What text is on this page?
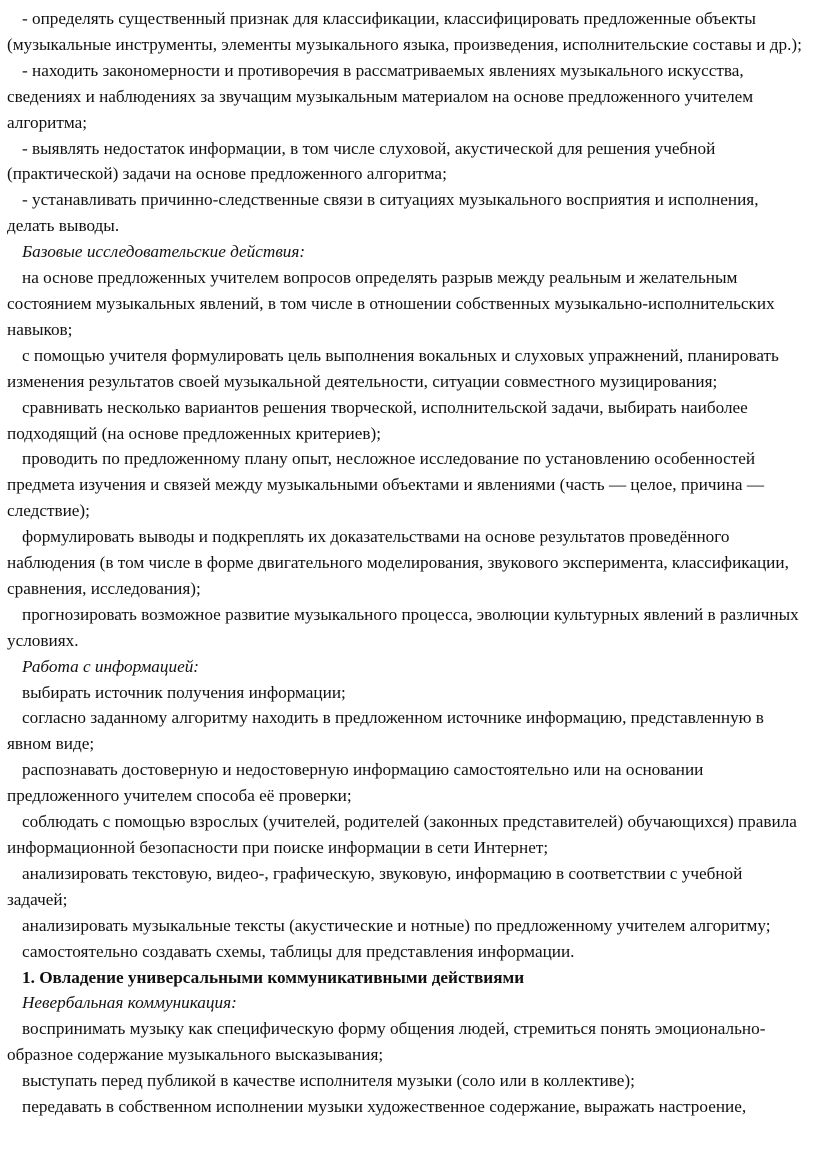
- определять существенный признак для классификации, классифицировать предложенные объекты (музыкальные инструменты, элементы музыкального языка, произведения, исполнительские составы и др.);

- находить закономерности и противоречия в рассматриваемых явлениях музыкального искусства, сведениях и наблюдениях за звучащим музыкальным материалом на основе предложенного учителем алгоритма;

- выявлять недостаток информации, в том числе слуховой, акустической для решения учебной (практической) задачи на основе предложенного алгоритма;

- устанавливать причинно-следственные связи в ситуациях музыкального восприятия и исполнения, делать выводы.

Базовые исследовательские действия:

на основе предложенных учителем вопросов определять разрыв между реальным и желательным состоянием музыкальных явлений, в том числе в отношении собственных музыкально-исполнительских навыков;

с помощью учителя формулировать цель выполнения вокальных и слуховых упражнений, планировать изменения результатов своей музыкальной деятельности, ситуации совместного музицирования;

сравнивать несколько вариантов решения творческой, исполнительской задачи, выбирать наиболее подходящий (на основе предложенных критериев);

проводить по предложенному плану опыт, несложное исследование по установлению особенностей предмета изучения и связей между музыкальными объектами и явлениями (часть — целое, причина — следствие);

формулировать выводы и подкреплять их доказательствами на основе результатов проведённого наблюдения (в том числе в форме двигательного моделирования, звукового эксперимента, классификации, сравнения, исследования);

прогнозировать возможное развитие музыкального процесса, эволюции культурных явлений в различных условиях.

Работа с информацией:

выбирать источник получения информации;

согласно заданному алгоритму находить в предложенном источнике информацию, представленную в явном виде;

распознавать достоверную и недостоверную информацию самостоятельно или на основании предложенного учителем способа её проверки;

соблюдать с помощью взрослых (учителей, родителей (законных представителей) обучающихся) правила информационной безопасности при поиске информации в сети Интернет;

анализировать текстовую, видео-, графическую, звуковую, информацию в соответствии с учебной задачей;

анализировать музыкальные тексты (акустические и нотные) по предложенному учителем алгоритму;

самостоятельно создавать схемы, таблицы для представления информации.

1. Овладение универсальными коммуникативными действиями

Невербальная коммуникация:

воспринимать музыку как специфическую форму общения людей, стремиться понять эмоционально-образное содержание музыкального высказывания;

выступать перед публикой в качестве исполнителя музыки (соло или в коллективе);

передавать в собственном исполнении музыки художественное содержание, выражать настроение,
